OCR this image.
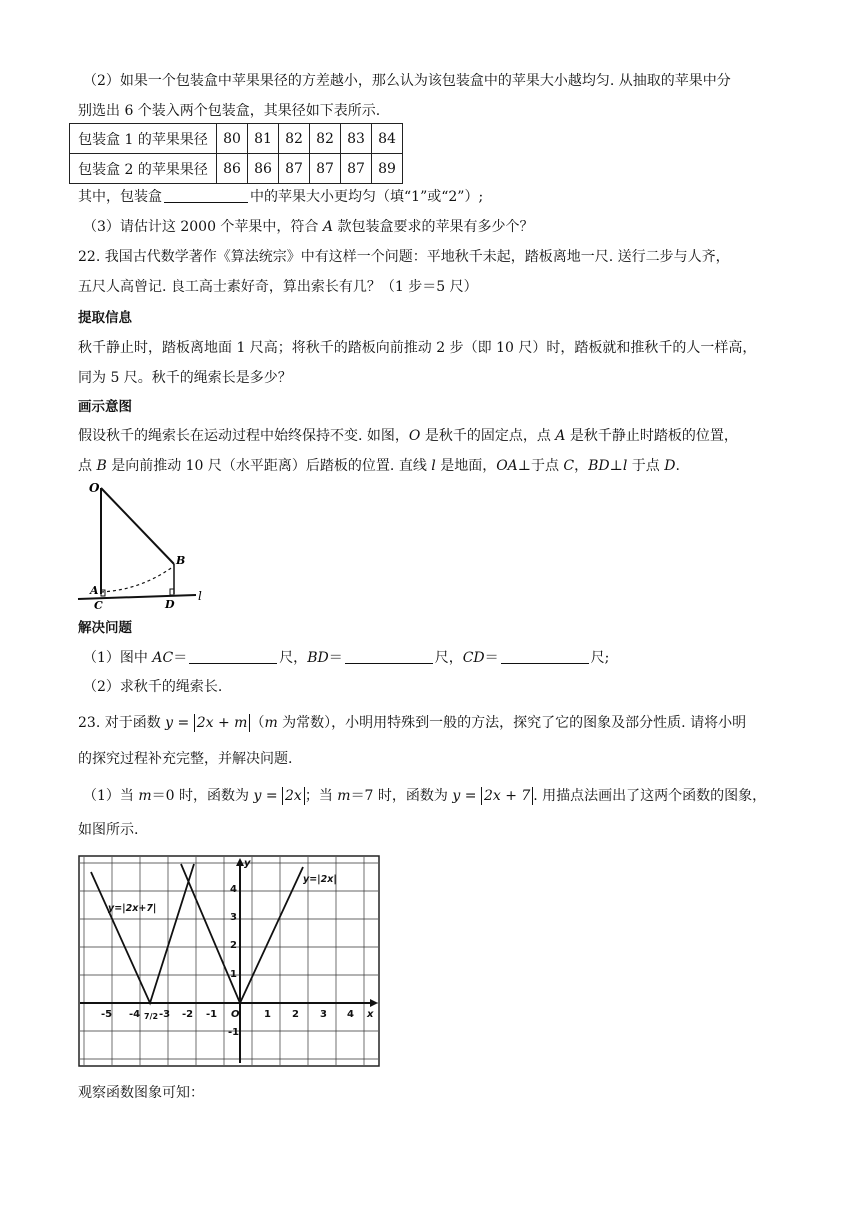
（2）如果一个包装盒中苹果果径的方差越小，那么认为该包装盒中的苹果大小越均匀. 从抽取的苹果中分
别选出 6 个装入两个包装盒，其果径如下表所示.
包装盒 1 的苹果果径	80	81	82	82	83	84
包装盒 2 的苹果果径	86	86	87	87	87	89
其中，包装盒	中的苹果大小更均匀（填“1”或“2”）;
（3）请估计这 2000 个苹果中，符合 A 款包装盒要求的苹果有多少个？
22. 我国古代数学著作《算法统宗》中有这样一个问题：平地秋千未起，踏板离地一尺. 送行二步与人齐，
五尺人高曾记. 良工高士素好奇，算出索长有几？（1 步＝5 尺）
提取信息
秋千静止时，踏板离地面 1 尺高；将秋千的踏板向前推动 2 步（即 10 尺）时，踏板就和推秋千的人一样高，
同为 5 尺。秋千的绳索长是多少？
画示意图
假设秋千的绳索长在运动过程中始终保持不变. 如图，O 是秋千的固定点，点 A 是秋千静止时踏板的位置，
点 B 是向前推动 10 尺（水平距离）后踏板的位置. 直线 l 是地面，OA⊥于点 C，BD⊥l 于点 D.
O
A
B
C	D
l
解决问题
（1）图中 AC＝	尺，BD＝	尺，CD＝	尺;
（2）求秋千的绳索长.
23. 对于函数 y = 2x + m （m 为常数），小明用特殊到一般的方法，探究了它的图象及部分性质. 请将小明
的探究过程补充完整，并解决问题.
（1）当 m＝0 时，函数为 y = 2x ；当 m＝7 时，函数为 y = 2x + 7 . 用描点法画出了这两个函数的图象，
如图所示.
-5 -4 -3 -2 -1 O 1 2 3 4
7/2
4
3
2
1
-1
x
y
y=|2x+7|
y=|2x|
观察函数图象可知：
